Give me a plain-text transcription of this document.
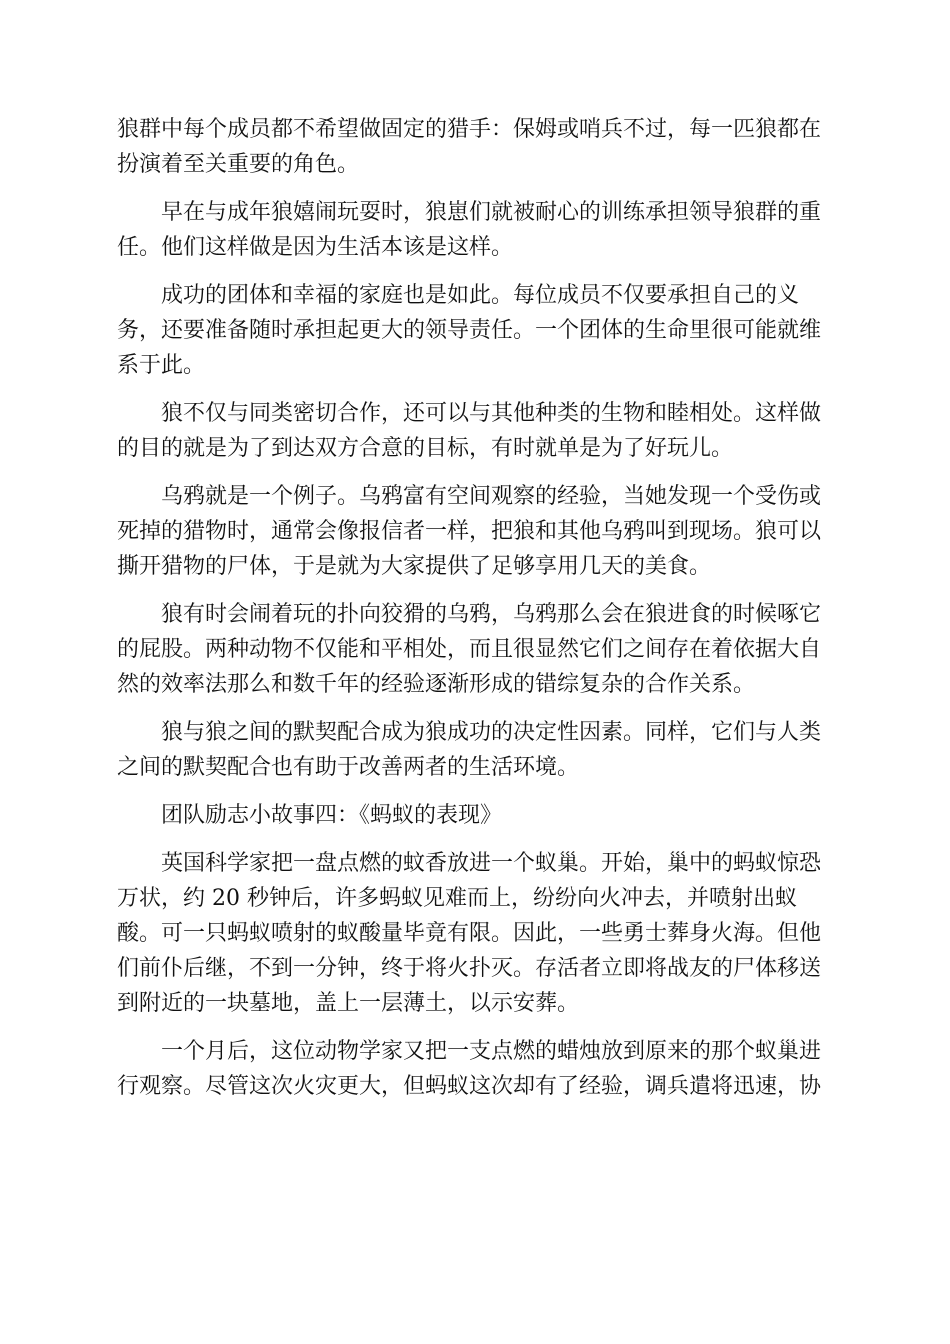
狼群中每个成员都不希望做固定的猎手：保姆或哨兵不过，每一匹狼都在
扮演着至关重要的角色。

早在与成年狼嬉闹玩耍时，狼崽们就被耐心的训练承担领导狼群的重
任。他们这样做是因为生活本该是这样。

成功的团体和幸福的家庭也是如此。每位成员不仅要承担自己的义
务，还要准备随时承担起更大的领导责任。一个团体的生命里很可能就维
系于此。

狼不仅与同类密切合作，还可以与其他种类的生物和睦相处。这样做
的目的就是为了到达双方合意的目标，有时就单是为了好玩儿。

乌鸦就是一个例子。乌鸦富有空间观察的经验，当她发现一个受伤或
死掉的猎物时，通常会像报信者一样，把狼和其他乌鸦叫到现场。狼可以
撕开猎物的尸体，于是就为大家提供了足够享用几天的美食。

狼有时会闹着玩的扑向狡猾的乌鸦，乌鸦那么会在狼进食的时候啄它
的屁股。两种动物不仅能和平相处，而且很显然它们之间存在着依据大自
然的效率法那么和数千年的经验逐渐形成的错综复杂的合作关系。

狼与狼之间的默契配合成为狼成功的决定性因素。同样，它们与人类
之间的默契配合也有助于改善两者的生活环境。

团队励志小故事四：《蚂蚁的表现》

英国科学家把一盘点燃的蚊香放进一个蚁巢。开始，巢中的蚂蚁惊恐
万状，约 20 秒钟后，许多蚂蚁见难而上，纷纷向火冲去，并喷射出蚁
酸。可一只蚂蚁喷射的蚁酸量毕竟有限。因此，一些勇士葬身火海。但他
们前仆后继，不到一分钟，终于将火扑灭。存活者立即将战友的尸体移送
到附近的一块墓地，盖上一层薄土，以示安葬。

一个月后，这位动物学家又把一支点燃的蜡烛放到原来的那个蚁巢进
行观察。尽管这次火灾更大，但蚂蚁这次却有了经验，调兵遣将迅速，协
